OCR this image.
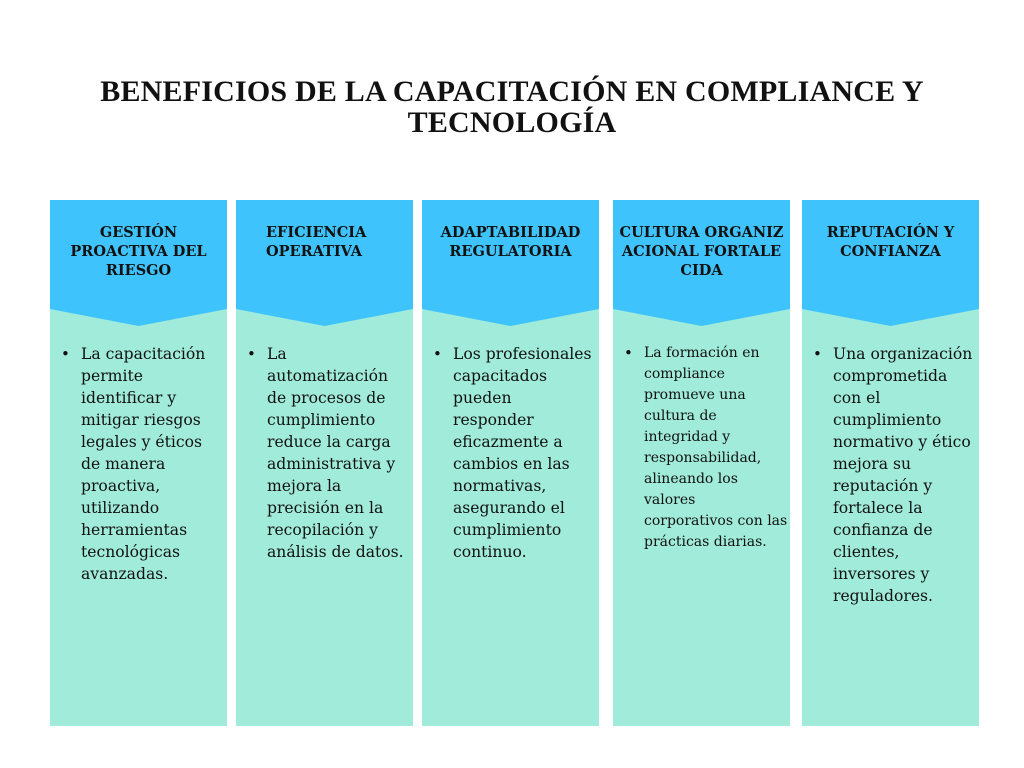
BENEFICIOS DE LA CAPACITACIÓN EN COMPLIANCE Y TECNOLOGÍA
GESTIÓN PROACTIVA DEL RIESGO
• La capacitación permite identificar y mitigar riesgos legales y éticos de manera proactiva, utilizando herramientas tecnológicas avanzadas.
EFICIENCIA OPERATIVA
• La automatización de procesos de cumplimiento reduce la carga administrativa y mejora la precisión en la recopilación y análisis de datos.
ADAPTABILIDAD REGULATORIA
• Los profesionales capacitados pueden responder eficazmente a cambios en las normativas, asegurando el cumplimiento continuo.
CULTURA ORGANIZACIONAL FORTALECIDA
• La formación en compliance promueve una cultura de integridad y responsabilidad, alineando los valores corporativos con las prácticas diarias.
REPUTACIÓN Y CONFIANZA
• Una organización comprometida con el cumplimiento normativo y ético mejora su reputación y fortalece la confianza de clientes, inversores y reguladores.
